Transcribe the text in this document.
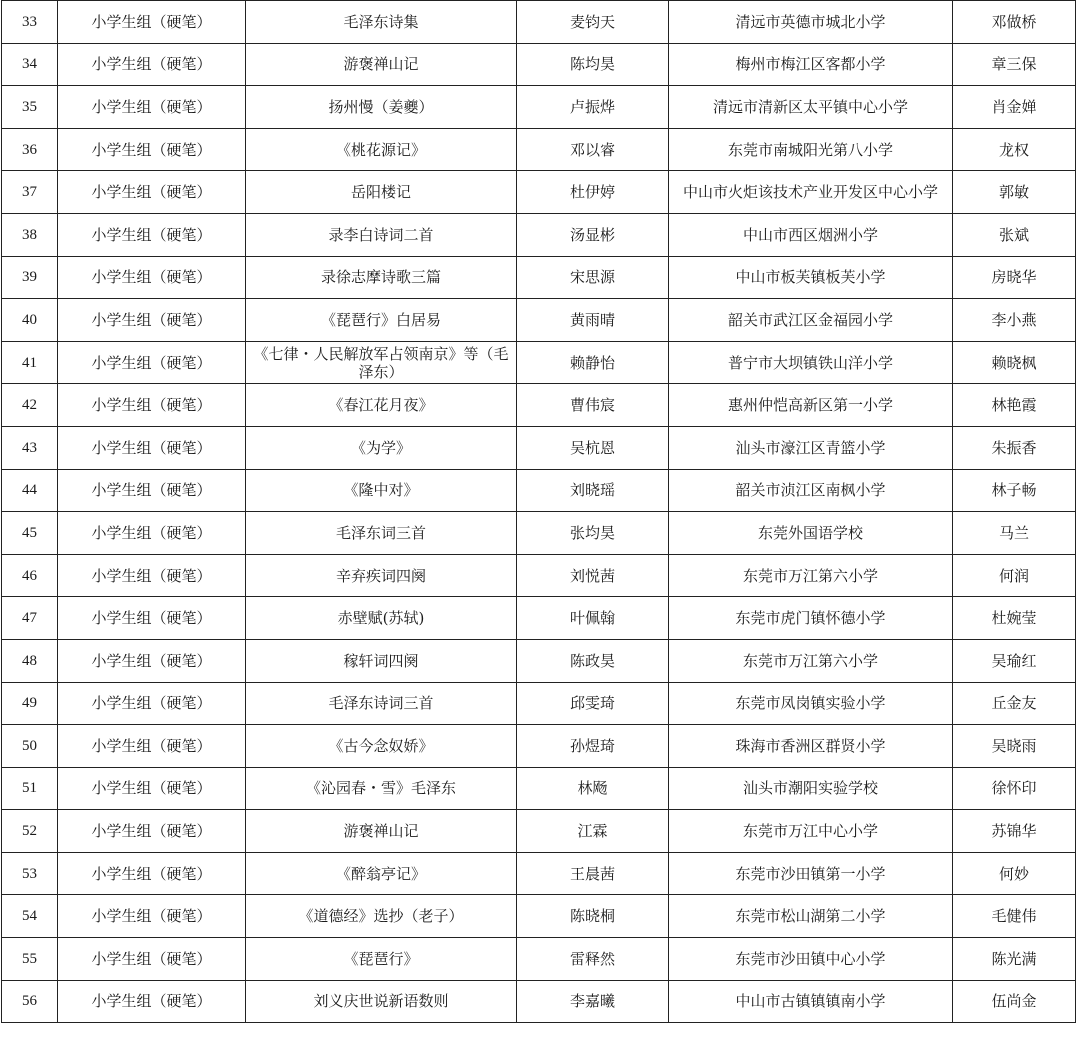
33	小学生组（硬笔）	毛泽东诗集	麦钧天	清远市英德市城北小学	邓做桥
34	小学生组（硬笔）	游褒禅山记	陈均昊	梅州市梅江区客都小学	章三保
35	小学生组（硬笔）	扬州慢（姜夔）	卢振烨	清远市清新区太平镇中心小学	肖金婵
36	小学生组（硬笔）	《桃花源记》	邓以睿	东莞市南城阳光第八小学	龙权
37	小学生组（硬笔）	岳阳楼记	杜伊婷	中山市火炬该技术产业开发区中心小学	郭敏
38	小学生组（硬笔）	录李白诗词二首	汤显彬	中山市西区烟洲小学	张斌
39	小学生组（硬笔）	录徐志摩诗歌三篇	宋思源	中山市板芙镇板芙小学	房晓华
40	小学生组（硬笔）	《琵琶行》白居易	黄雨晴	韶关市武江区金福园小学	李小燕
41	小学生组（硬笔）	《七律・人民解放军占领南京》等（毛泽东）	赖静怡	普宁市大坝镇铁山洋小学	赖晓枫
42	小学生组（硬笔）	《春江花月夜》	曹伟宸	惠州仲恺高新区第一小学	林艳霞
43	小学生组（硬笔）	《为学》	吴杭恩	汕头市濠江区青篮小学	朱振香
44	小学生组（硬笔）	《隆中对》	刘晓瑶	韶关市浈江区南枫小学	林子畅
45	小学生组（硬笔）	毛泽东词三首	张均昊	东莞外国语学校	马兰
46	小学生组（硬笔）	辛弃疾词四阕	刘悦茜	东莞市万江第六小学	何润
47	小学生组（硬笔）	赤壁赋(苏轼)	叶佩翰	东莞市虎门镇怀德小学	杜婉莹
48	小学生组（硬笔）	稼轩词四阕	陈政昊	东莞市万江第六小学	吴瑜红
49	小学生组（硬笔）	毛泽东诗词三首	邱雯琦	东莞市凤岗镇实验小学	丘金友
50	小学生组（硬笔）	《古今念奴娇》	孙煜琦	珠海市香洲区群贤小学	吴晓雨
51	小学生组（硬笔）	《沁园春・雪》毛泽东	林飏	汕头市潮阳实验学校	徐怀印
52	小学生组（硬笔）	游褒禅山记	江霖	东莞市万江中心小学	苏锦华
53	小学生组（硬笔）	《醉翁亭记》	王晨茜	东莞市沙田镇第一小学	何妙
54	小学生组（硬笔）	《道德经》选抄（老子）	陈晓桐	东莞市松山湖第二小学	毛健伟
55	小学生组（硬笔）	《琵琶行》	雷释然	东莞市沙田镇中心小学	陈光满
56	小学生组（硬笔）	刘义庆世说新语数则	李嘉曦	中山市古镇镇镇南小学	伍尚金
